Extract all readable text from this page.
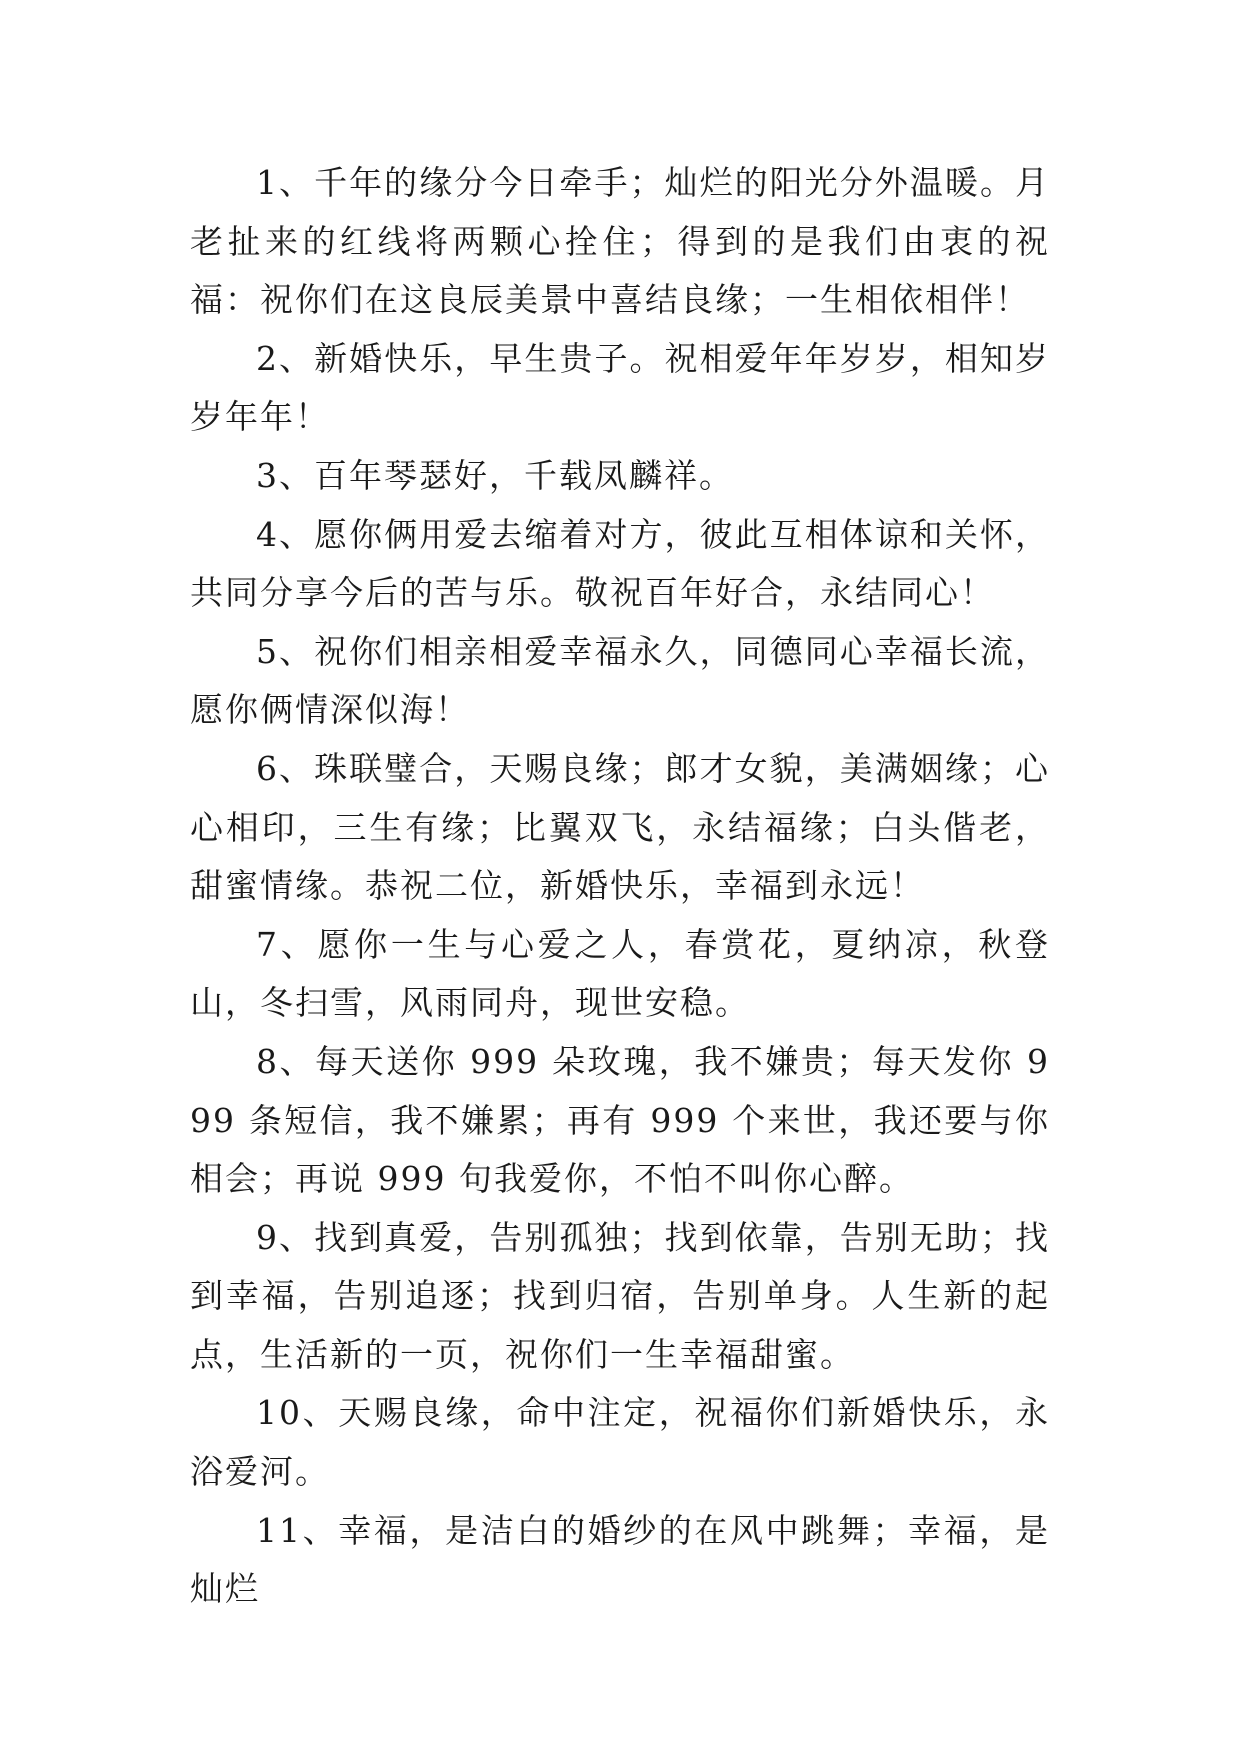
1、千年的缘分今日牵手；灿烂的阳光分外温暖。月老扯来的红线将两颗心拴住；得到的是我们由衷的祝福：祝你们在这良辰美景中喜结良缘；一生相依相伴！

2、新婚快乐，早生贵子。祝相爱年年岁岁，相知岁岁年年！

3、百年琴瑟好，千载凤麟祥。

4、愿你俩用爱去缩着对方，彼此互相体谅和关怀，共同分享今后的苦与乐。敬祝百年好合，永结同心！

5、祝你们相亲相爱幸福永久，同德同心幸福长流，愿你俩情深似海！

6、珠联璧合，天赐良缘；郎才女貌，美满姻缘；心心相印，三生有缘；比翼双飞，永结福缘；白头偕老，甜蜜情缘。恭祝二位，新婚快乐，幸福到永远！

7、愿你一生与心爱之人，春赏花，夏纳凉，秋登山，冬扫雪，风雨同舟，现世安稳。

8、每天送你 999 朵玫瑰，我不嫌贵；每天发你 999 条短信，我不嫌累；再有 999 个来世，我还要与你相会；再说 999 句我爱你，不怕不叫你心醉。

9、找到真爱，告别孤独；找到依靠，告别无助；找到幸福，告别追逐；找到归宿，告别单身。人生新的起点，生活新的一页，祝你们一生幸福甜蜜。

10、天赐良缘，命中注定，祝福你们新婚快乐，永浴爱河。

11、幸福，是洁白的婚纱的在风中跳舞；幸福，是灿烂
